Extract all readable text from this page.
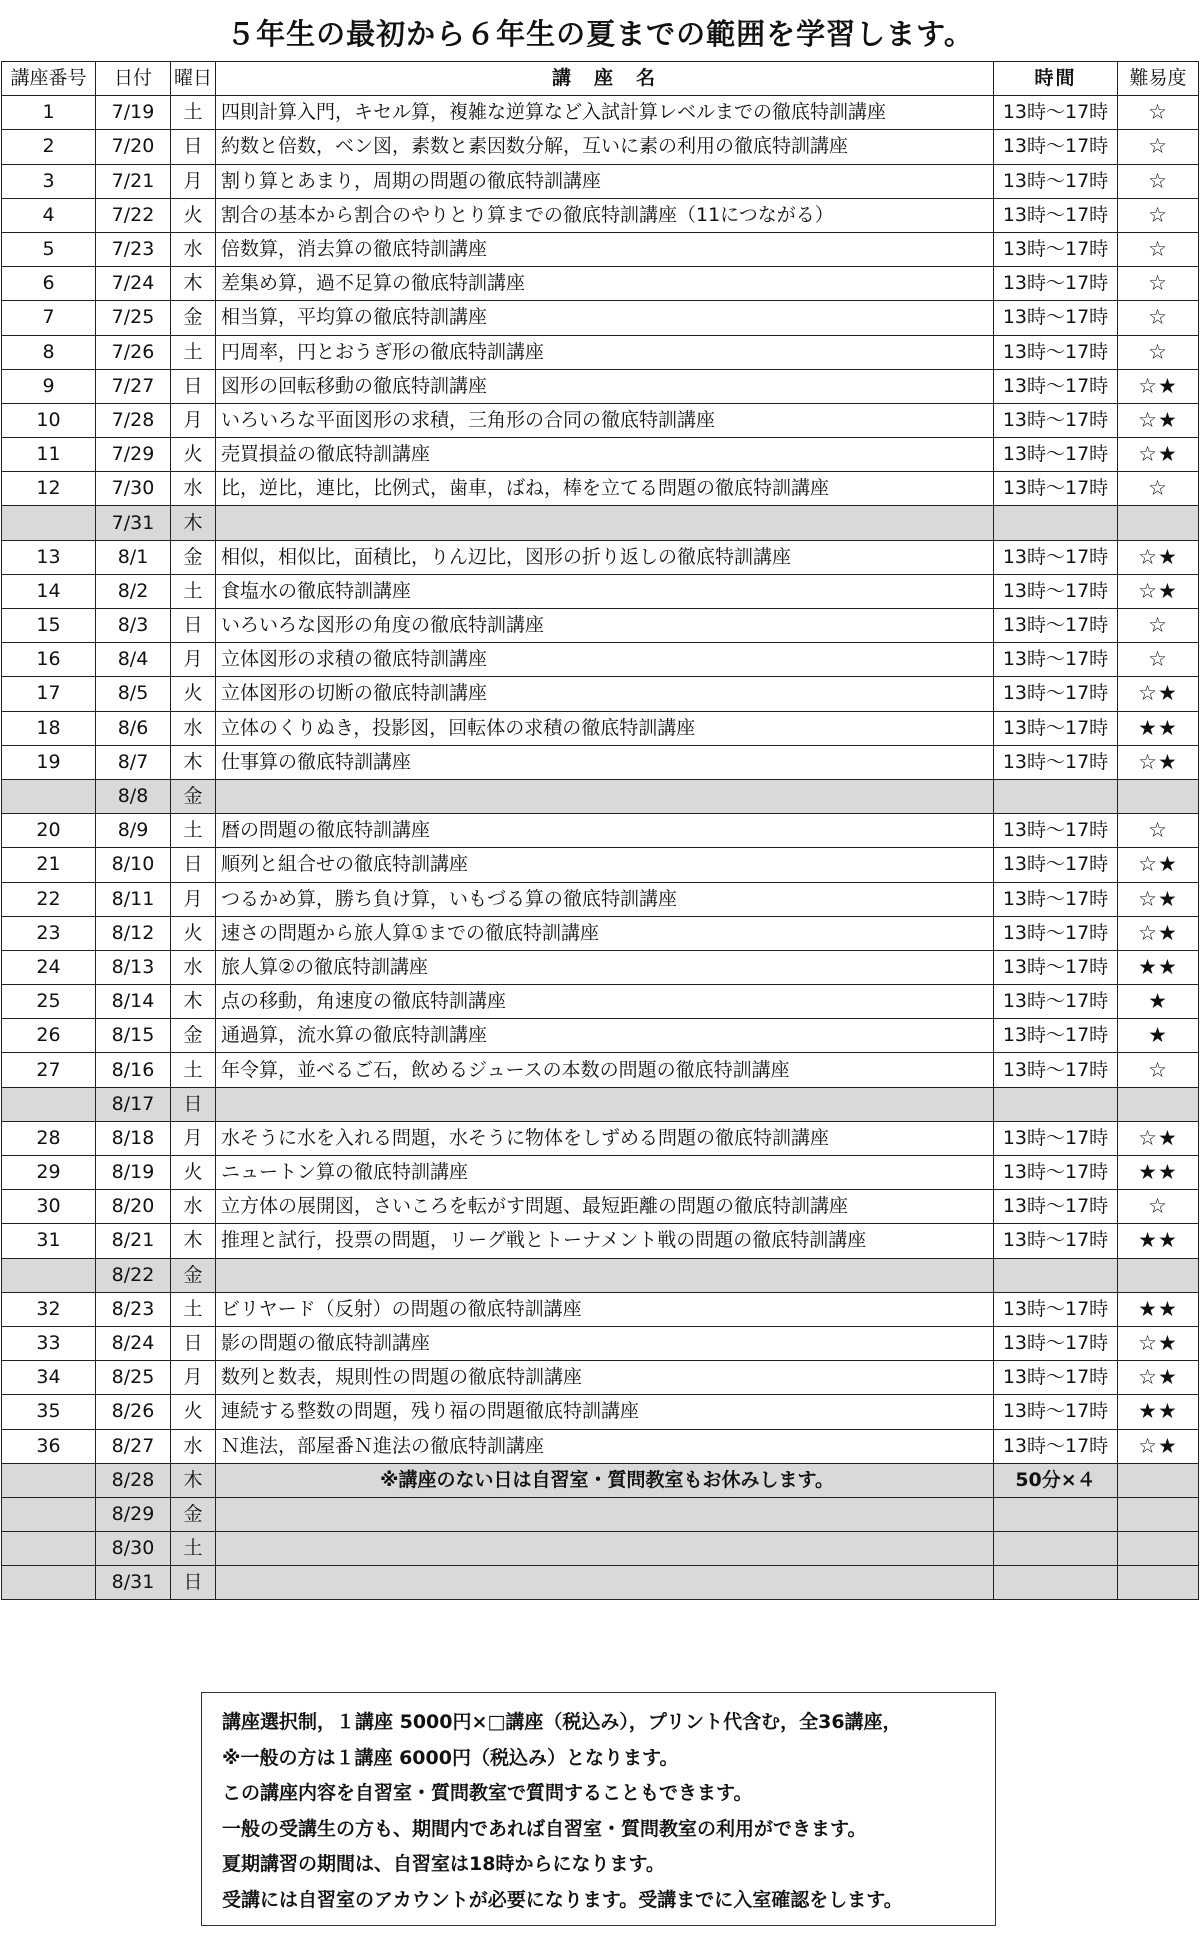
５年生の最初から６年生の夏までの範囲を学習します。
講座番号	日付	曜日	講　座　名	時間	難易度
1	7/19	土	四則計算入門，キセル算，複雑な逆算など入試計算レベルまでの徹底特訓講座	13時～17時	☆
2	7/20	日	約数と倍数，ベン図，素数と素因数分解，互いに素の利用の徹底特訓講座	13時～17時	☆
3	7/21	月	割り算とあまり，周期の問題の徹底特訓講座	13時～17時	☆
4	7/22	火	割合の基本から割合のやりとり算までの徹底特訓講座（11につながる）	13時～17時	☆
5	7/23	水	倍数算，消去算の徹底特訓講座	13時～17時	☆
6	7/24	木	差集め算，過不足算の徹底特訓講座	13時～17時	☆
7	7/25	金	相当算，平均算の徹底特訓講座	13時～17時	☆
8	7/26	土	円周率，円とおうぎ形の徹底特訓講座	13時～17時	☆
9	7/27	日	図形の回転移動の徹底特訓講座	13時～17時	☆★
10	7/28	月	いろいろな平面図形の求積，三角形の合同の徹底特訓講座	13時～17時	☆★
11	7/29	火	売買損益の徹底特訓講座	13時～17時	☆★
12	7/30	水	比，逆比，連比，比例式，歯車，ばね，棒を立てる問題の徹底特訓講座	13時～17時	☆
	7/31	木			
13	8/1	金	相似，相似比，面積比，りん辺比，図形の折り返しの徹底特訓講座	13時～17時	☆★
14	8/2	土	食塩水の徹底特訓講座	13時～17時	☆★
15	8/3	日	いろいろな図形の角度の徹底特訓講座	13時～17時	☆
16	8/4	月	立体図形の求積の徹底特訓講座	13時～17時	☆
17	8/5	火	立体図形の切断の徹底特訓講座	13時～17時	☆★
18	8/6	水	立体のくりぬき，投影図，回転体の求積の徹底特訓講座	13時～17時	★★
19	8/7	木	仕事算の徹底特訓講座	13時～17時	☆★
	8/8	金			
20	8/9	土	暦の問題の徹底特訓講座	13時～17時	☆
21	8/10	日	順列と組合せの徹底特訓講座	13時～17時	☆★
22	8/11	月	つるかめ算，勝ち負け算，いもづる算の徹底特訓講座	13時～17時	☆★
23	8/12	火	速さの問題から旅人算①までの徹底特訓講座	13時～17時	☆★
24	8/13	水	旅人算②の徹底特訓講座	13時～17時	★★
25	8/14	木	点の移動，角速度の徹底特訓講座	13時～17時	★
26	8/15	金	通過算，流水算の徹底特訓講座	13時～17時	★
27	8/16	土	年令算，並べるご石，飲めるジュースの本数の問題の徹底特訓講座	13時～17時	☆
	8/17	日			
28	8/18	月	水そうに水を入れる問題，水そうに物体をしずめる問題の徹底特訓講座	13時～17時	☆★
29	8/19	火	ニュートン算の徹底特訓講座	13時～17時	★★
30	8/20	水	立方体の展開図，さいころを転がす問題、最短距離の問題の徹底特訓講座	13時～17時	☆
31	8/21	木	推理と試行，投票の問題，リーグ戦とトーナメント戦の問題の徹底特訓講座	13時～17時	★★
	8/22	金			
32	8/23	土	ビリヤード（反射）の問題の徹底特訓講座	13時～17時	★★
33	8/24	日	影の問題の徹底特訓講座	13時～17時	☆★
34	8/25	月	数列と数表，規則性の問題の徹底特訓講座	13時～17時	☆★
35	8/26	火	連続する整数の問題，残り福の問題徹底特訓講座	13時～17時	★★
36	8/27	水	Ｎ進法，部屋番Ｎ進法の徹底特訓講座	13時～17時	☆★
	8/28	木	※講座のない日は自習室・質問教室もお休みします。	50分×４	
	8/29	金			
	8/30	土			
	8/31	日			
講座選択制，１講座 5000円×□講座（税込み），プリント代含む，全36講座，
※一般の方は１講座 6000円（税込み）となります。
この講座内容を自習室・質問教室で質問することもできます。
一般の受講生の方も、期間内であれば自習室・質問教室の利用ができます。
夏期講習の期間は、自習室は18時からになります。
受講には自習室のアカウントが必要になります。受講までに入室確認をします。
